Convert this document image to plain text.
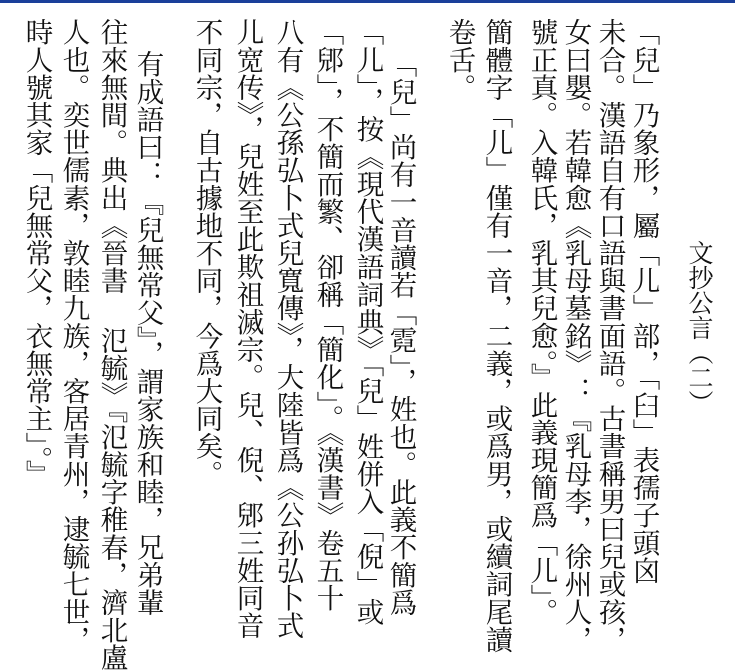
文抄公言（二）
「兒」乃象形，屬「儿」部，「臼」表孺子頭囟
未合。漢語自有口語與書面語。古書稱男曰兒或孩，
女曰嬰。若韓愈《乳母墓銘》：『乳母李，徐州人，
號正真。入韓氏，乳其兒愈。』此義現簡爲「儿」。
簡體字「儿」僅有一音，二義，或爲男，或續詞尾讀
卷舌。
「兒」尚有一音讀若「霓」，姓也。此義不簡爲
「儿」，按《現代漢語詞典》「兒」姓併入「倪」或
「郳」，不簡而繁、卻稱「簡化」。《漢書》卷五十
八有《公孫弘卜式兒寬傳》，大陸皆爲《公孙弘卜式
儿宽传》，兒姓至此欺祖滅宗。兒、倪、郳三姓同音
不同宗，自古據地不同，今爲大同矣。
有成語曰：『兒無常父』，謂家族和睦，兄弟輩
往來無間。典出《晉書 氾毓》『氾毓字稚春，濟北盧
人也。奕世儒素，敦睦九族，客居青州，逮毓七世，
時人號其家「兒無常父，衣無常主」。』
